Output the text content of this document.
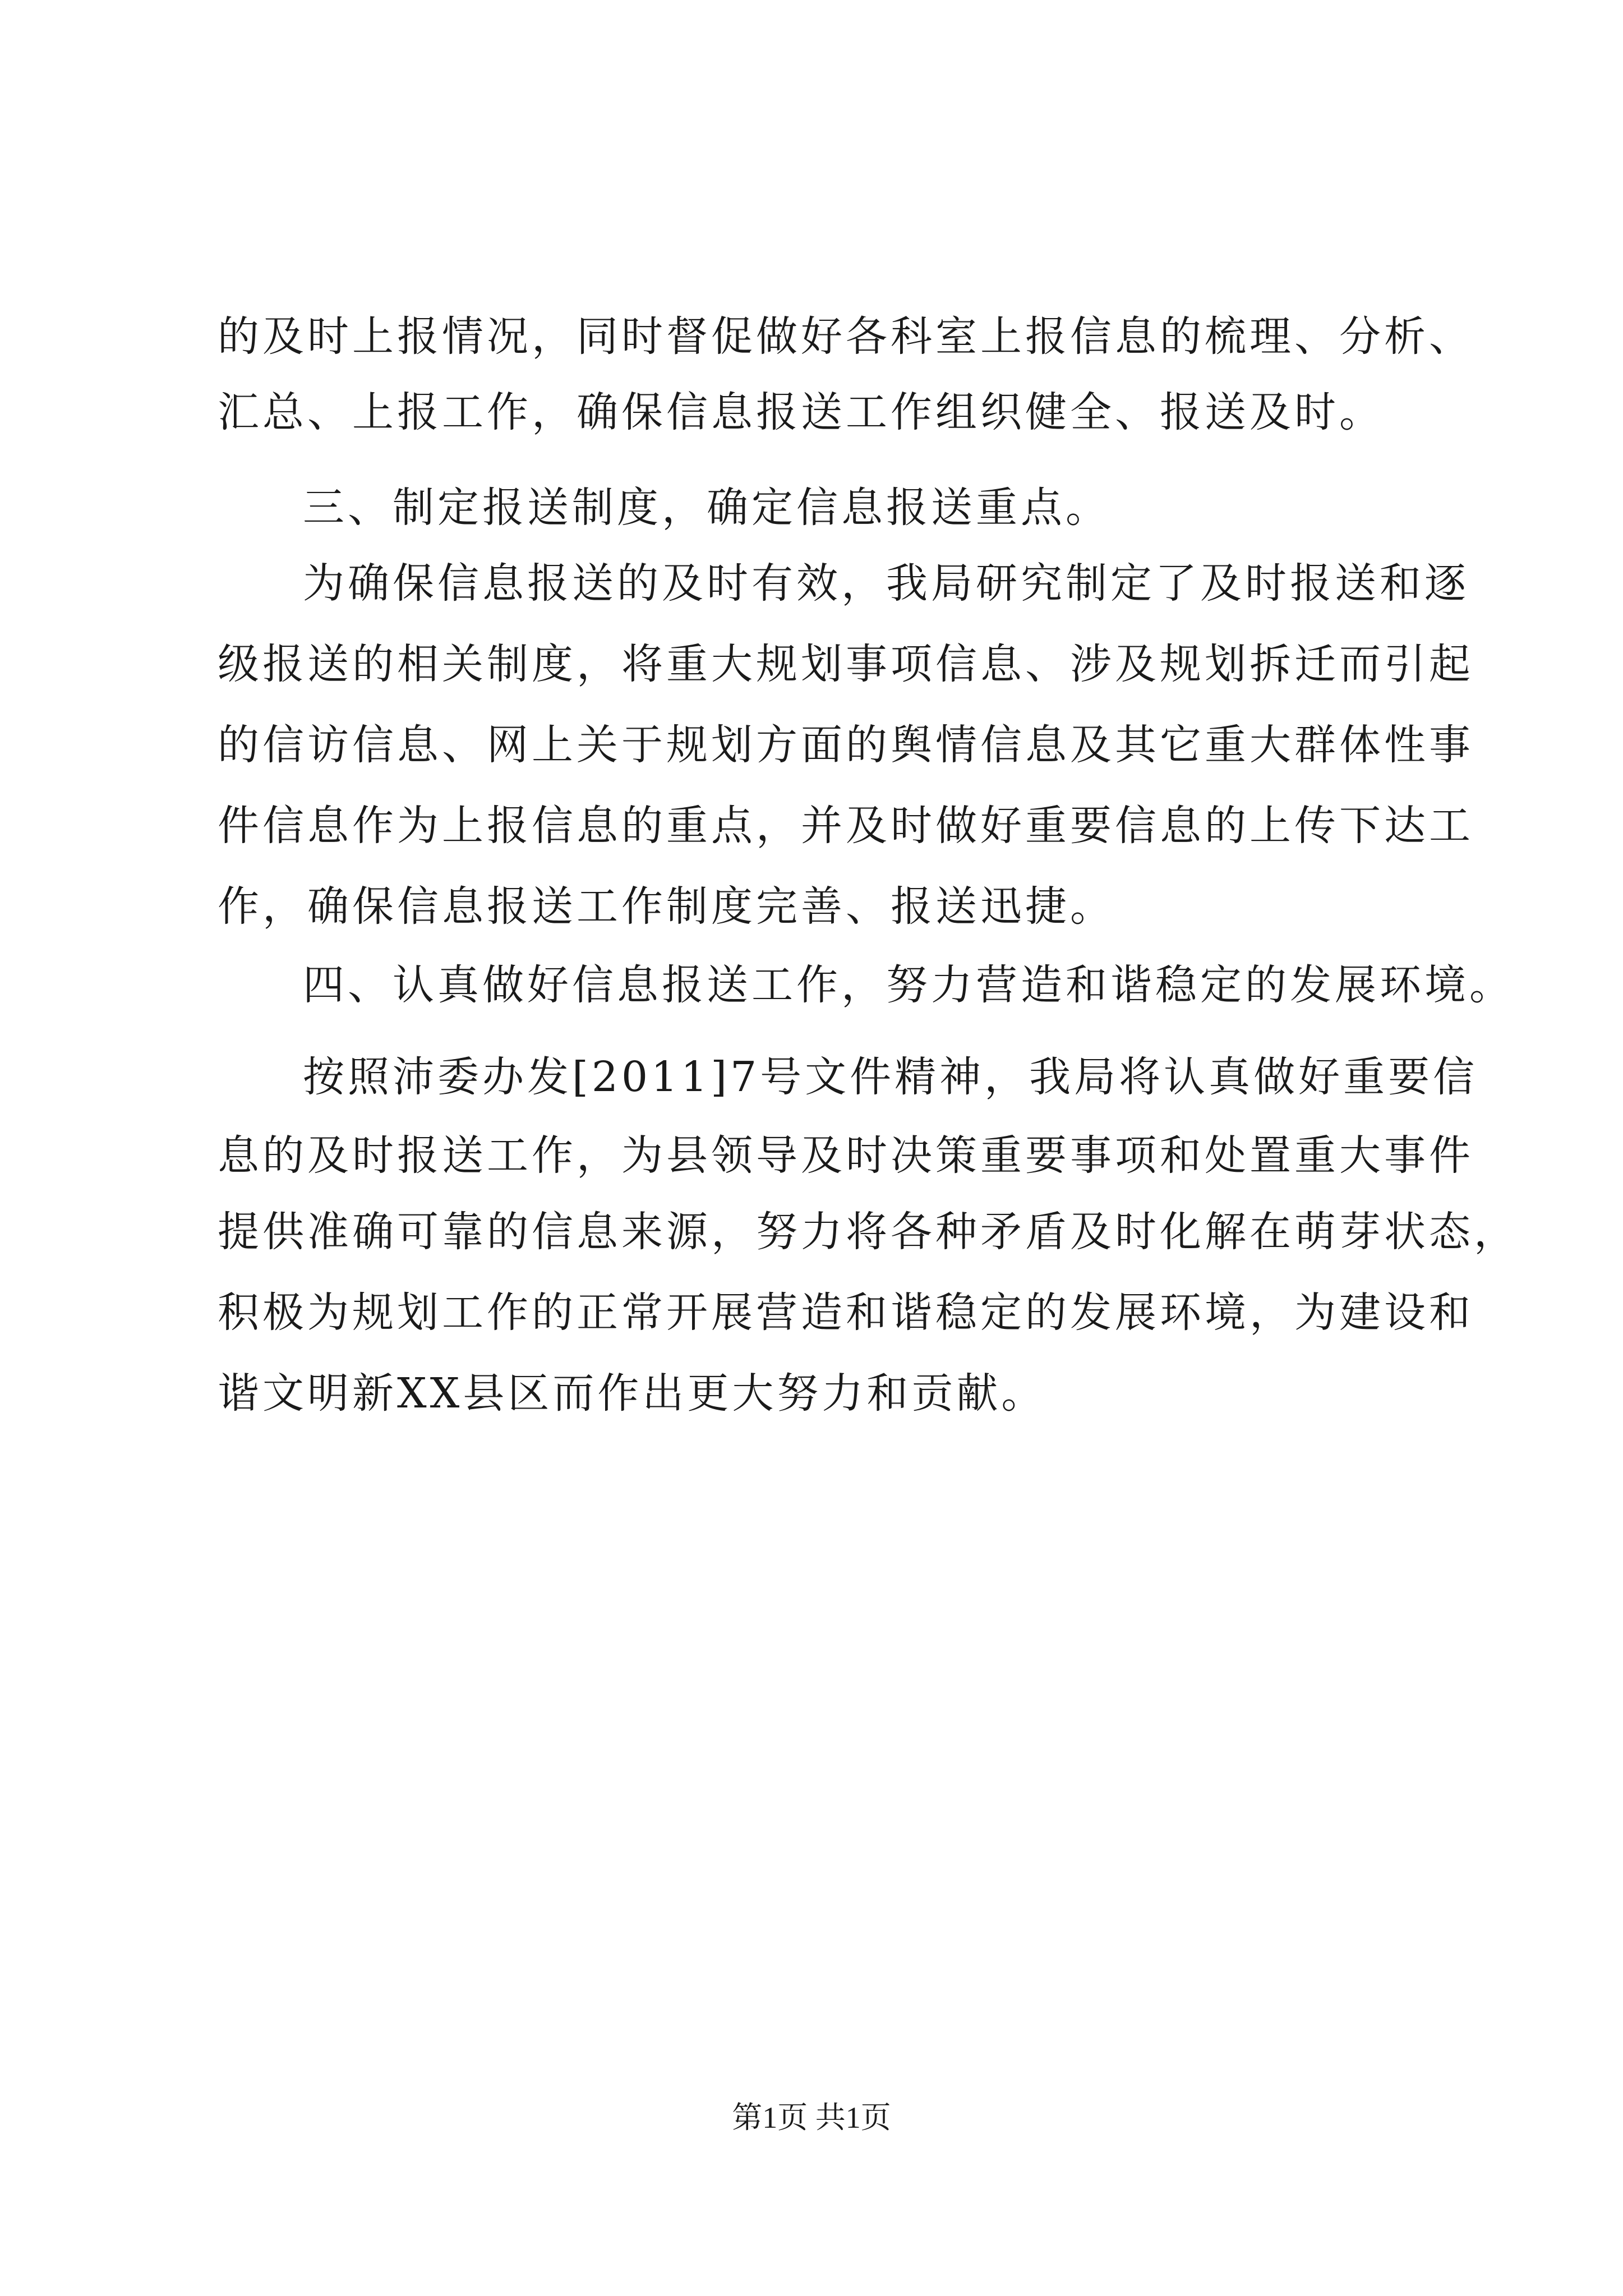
的及时上报情况，同时督促做好各科室上报信息的梳理、分析、
汇总、上报工作，确保信息报送工作组织健全、报送及时。
三、制定报送制度，确定信息报送重点。
为确保信息报送的及时有效，我局研究制定了及时报送和逐
级报送的相关制度，将重大规划事项信息、涉及规划拆迁而引起
的信访信息、网上关于规划方面的舆情信息及其它重大群体性事
件信息作为上报信息的重点，并及时做好重要信息的上传下达工
作，确保信息报送工作制度完善、报送迅捷。
四、认真做好信息报送工作，努力营造和谐稳定的发展环境。
按照沛委办发[2011]7号文件精神，我局将认真做好重要信
息的及时报送工作，为县领导及时决策重要事项和处置重大事件
提供准确可靠的信息来源，努力将各种矛盾及时化解在萌芽状态，
积极为规划工作的正常开展营造和谐稳定的发展环境，为建设和
谐文明新XX县区而作出更大努力和贡献。
第1页 共1页
